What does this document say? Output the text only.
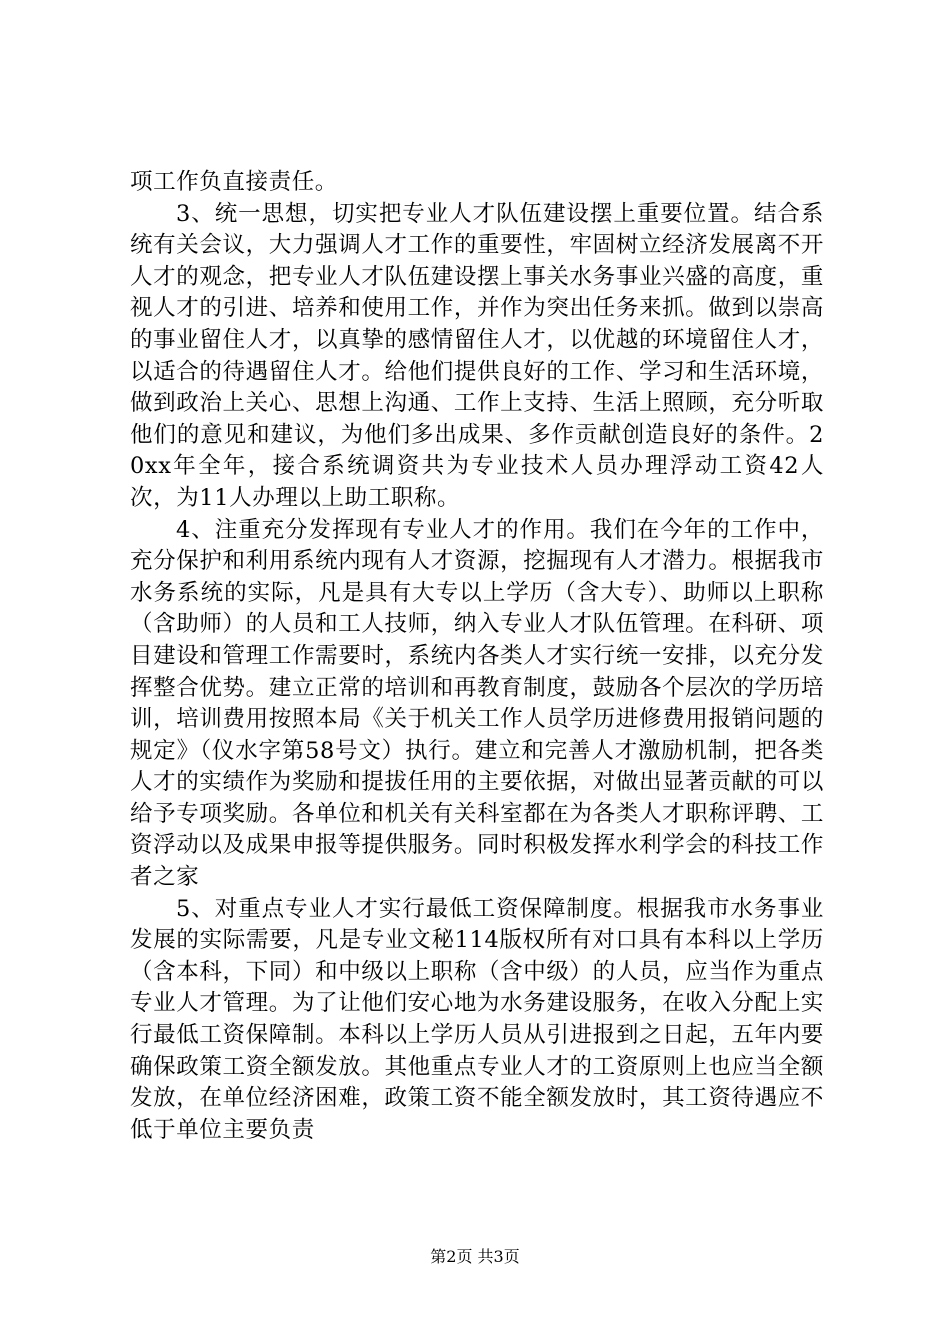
项工作负直接责任。

3、统一思想，切实把专业人才队伍建设摆上重要位置。结合系统有关会议，大力强调人才工作的重要性，牢固树立经济发展离不开人才的观念，把专业人才队伍建设摆上事关水务事业兴盛的高度，重视人才的引进、培养和使用工作，并作为突出任务来抓。做到以崇高的事业留住人才，以真挚的感情留住人才，以优越的环境留住人才，以适合的待遇留住人才。给他们提供良好的工作、学习和生活环境，做到政治上关心、思想上沟通、工作上支持、生活上照顾，充分听取他们的意见和建议，为他们多出成果、多作贡献创造良好的条件。20xx年全年，接合系统调资共为专业技术人员办理浮动工资42人次，为11人办理以上助工职称。

4、注重充分发挥现有专业人才的作用。我们在今年的工作中，充分保护和利用系统内现有人才资源，挖掘现有人才潜力。根据我市水务系统的实际，凡是具有大专以上学历（含大专）、助师以上职称（含助师）的人员和工人技师，纳入专业人才队伍管理。在科研、项目建设和管理工作需要时，系统内各类人才实行统一安排，以充分发挥整合优势。建立正常的培训和再教育制度，鼓励各个层次的学历培训，培训费用按照本局《关于机关工作人员学历进修费用报销问题的规定》（仪水字第58号文）执行。建立和完善人才激励机制，把各类人才的实绩作为奖励和提拔任用的主要依据，对做出显著贡献的可以给予专项奖励。各单位和机关有关科室都在为各类人才职称评聘、工资浮动以及成果申报等提供服务。同时积极发挥水利学会的科技工作者之家

5、对重点专业人才实行最低工资保障制度。根据我市水务事业发展的实际需要，凡是专业文秘114版权所有对口具有本科以上学历（含本科，下同）和中级以上职称（含中级）的人员，应当作为重点专业人才管理。为了让他们安心地为水务建设服务，在收入分配上实行最低工资保障制。本科以上学历人员从引进报到之日起，五年内要确保政策工资全额发放。其他重点专业人才的工资原则上也应当全额发放，在单位经济困难，政策工资不能全额发放时，其工资待遇应不低于单位主要负责

第2页 共3页
